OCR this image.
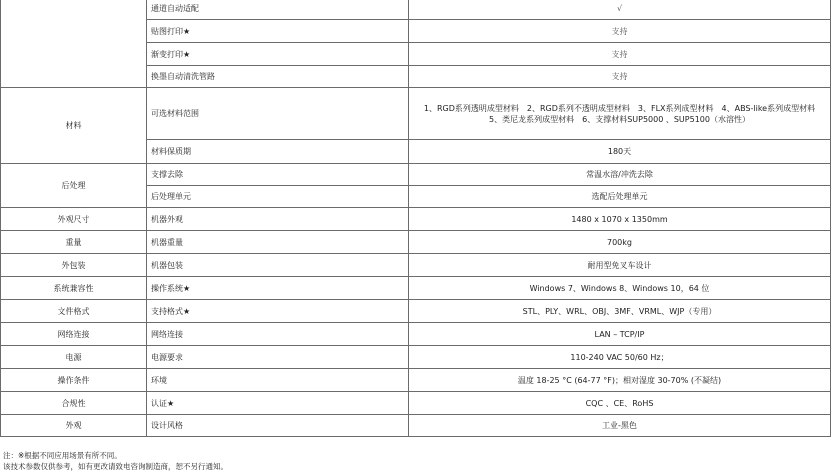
	通道自动适配	√
	贴图打印★	支持
	渐变打印★	支持
	换墨自动清洗管路	支持
材料	可选材料范围	1、RGD系列透明成型材料　2、RGD系列不透明成型材料　3、FLX系列成型材料　4、ABS-like系列成型材料
5、类尼龙系列成型材料　6、支撑材料SUP5000 、SUP5100（水溶性）

	材料保质期	180天
后处理	支撑去除	常温水溶/冲洗去除
	后处理单元	选配后处理单元
外观尺寸	机器外观	1480 x 1070 x 1350mm
重量	机器重量	700kg
外包装	机器包装	耐用型免叉车设计
系统兼容性	操作系统★	Windows 7、Windows 8、Windows 10，64 位
文件格式	支持格式★	STL、PLY、WRL、OBJ、3MF、VRML、WJP（专用）
网络连接	网络连接	LAN – TCP/IP
电源	电源要求	110-240 VAC 50/60 Hz；
操作条件	环境	温度 18-25 °C (64-77 °F)；相对湿度 30-70% (不凝结)
合规性	认证★	CQC 、CE、RoHS
外观	设计风格	工业-黑色
注：※根据不同应用场景有所不同。
该技术参数仅供参考，如有更改请致电咨询制造商，恕不另行通知。
